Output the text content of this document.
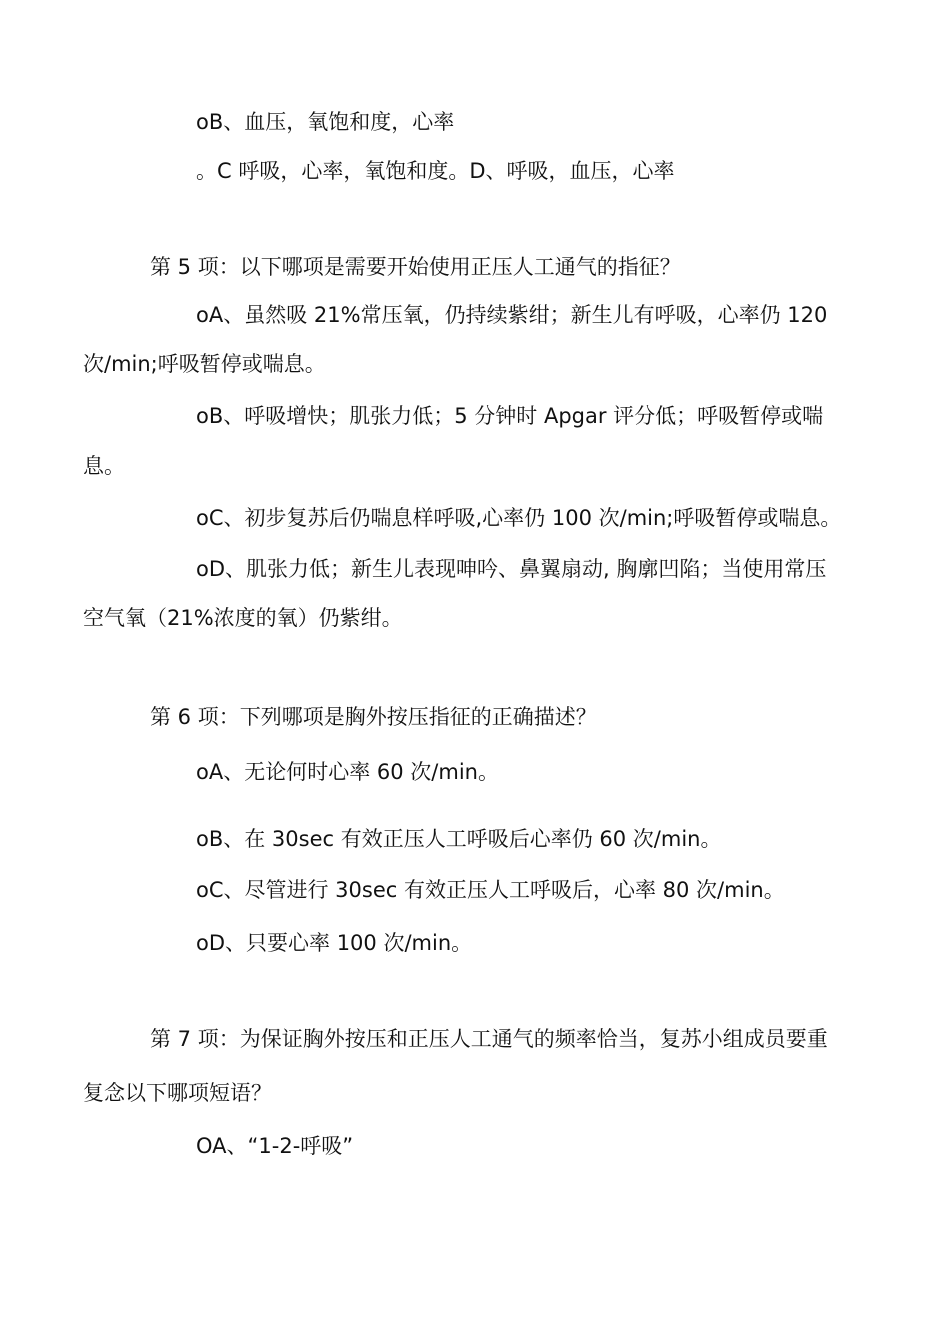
oB、血压，氧饱和度，心率
。C 呼吸，心率，氧饱和度。D、呼吸，血压，心率
第 5 项：以下哪项是需要开始使用正压人工通气的指征？
oA、虽然吸 21%常压氧，仍持续紫绀；新生儿有呼吸，心率仍 120
次/min;呼吸暂停或喘息。
oB、呼吸增快；肌张力低；5 分钟时 Apgar 评分低；呼吸暂停或喘
息。
oC、初步复苏后仍喘息样呼吸,心率仍 100 次/min;呼吸暂停或喘息。
oD、肌张力低；新生儿表现呻吟、鼻翼扇动, 胸廓凹陷；当使用常压
空气氧（21%浓度的氧）仍紫绀。
第 6 项：下列哪项是胸外按压指征的正确描述？
oA、无论何时心率 60 次/min。
oB、在 30sec 有效正压人工呼吸后心率仍 60 次/min。
oC、尽管进行 30sec 有效正压人工呼吸后，心率 80 次/min。
oD、只要心率 100 次/min。
第 7 项：为保证胸外按压和正压人工通气的频率恰当，复苏小组成员要重
复念以下哪项短语？
OA、“1-2-呼吸”
